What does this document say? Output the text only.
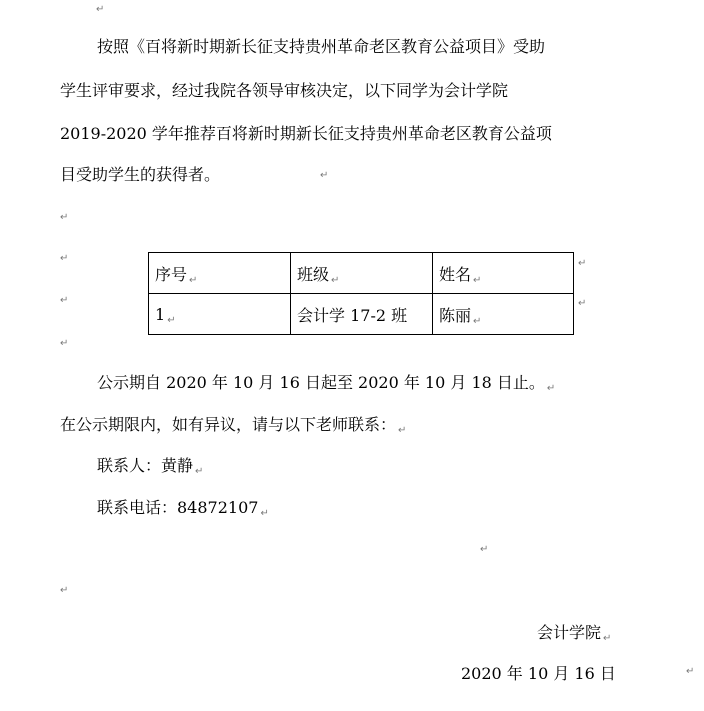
↵
按照《百将新时期新长征支持贵州革命老区教育公益项目》受助
学生评审要求，经过我院各领导审核决定，以下同学为会计学院
2019-2020 学年推荐百将新时期新长征支持贵州革命老区教育公益项
目受助学生的获得者。	↵
↵
↵
↵
↵
序号 ↵	班级 ↵	姓名 ↵
1 ↵	会计学 17-2 班	陈丽 ↵
↵
↵
公示期自 2020 年 10 月 16 日起至 2020 年 10 月 18 日止。 ↵
在公示期限内，如有异议，请与以下老师联系： ↵
联系人：黄静 ↵
联系电话：84872107 ↵
↵
↵
会计学院 ↵
2020 年 10 月 16 日	↵
